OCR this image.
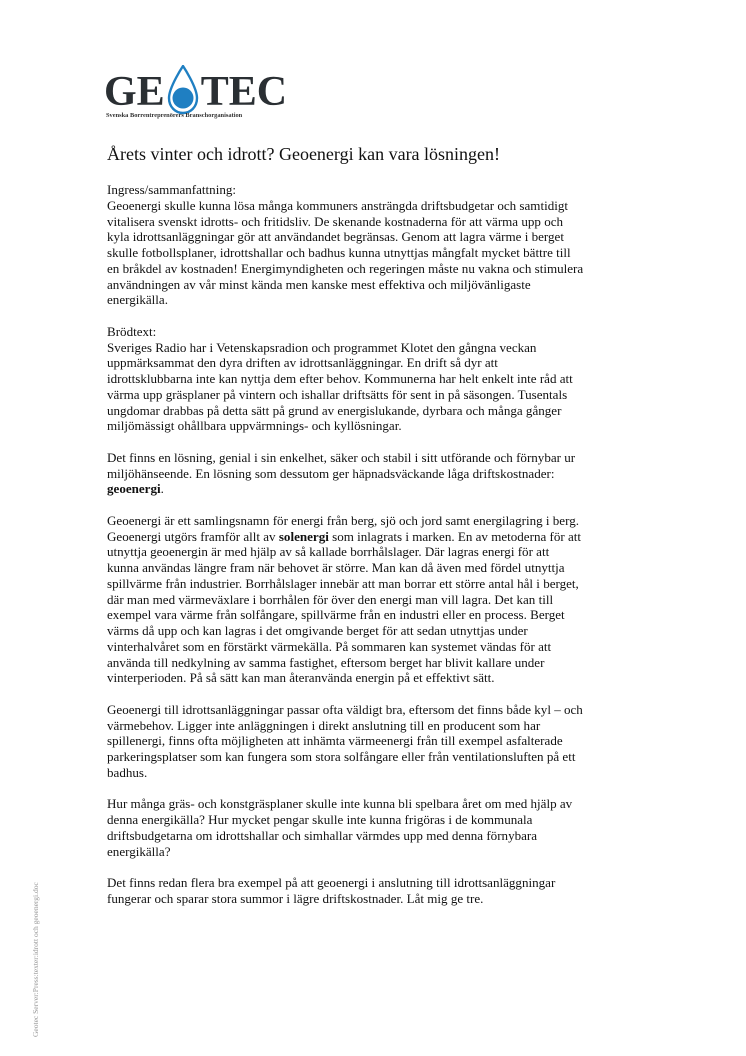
GE TEC
Svenska Borrentreprenörers Branschorganisation
Årets vinter och idrott? Geoenergi kan vara lösningen!

Ingress/sammanfattning:
Geoenergi skulle kunna lösa många kommuners ansträngda driftsbudgetar och samtidigt
vitalisera svenskt idrotts- och fritidsliv. De skenande kostnaderna för att värma upp och
kyla idrottsanläggningar gör att användandet begränsas. Genom att lagra värme i berget
skulle fotbollsplaner, idrottshallar och badhus kunna utnyttjas mångfalt mycket bättre till
en bråkdel av kostnaden! Energimyndigheten och regeringen måste nu vakna och stimulera
användningen av vår minst kända men kanske mest effektiva och miljövänligaste
energikälla.

Brödtext:
Sveriges Radio har i Vetenskapsradion och programmet Klotet den gångna veckan
uppmärksammat den dyra driften av idrottsanläggningar. En drift så dyr att
idrottsklubbarna inte kan nyttja dem efter behov. Kommunerna har helt enkelt inte råd att
värma upp gräsplaner på vintern och ishallar driftsätts för sent in på säsongen. Tusentals
ungdomar drabbas på detta sätt på grund av energislukande, dyrbara och många gånger
miljömässigt ohållbara uppvärmnings- och kyllösningar.

Det finns en lösning, genial i sin enkelhet, säker och stabil i sitt utförande och förnybar ur
miljöhänseende. En lösning som dessutom ger häpnadsväckande låga driftskostnader:
geoenergi.

Geoenergi är ett samlingsnamn för energi från berg, sjö och jord samt energilagring i berg.
Geoenergi utgörs framför allt av solenergi som inlagrats i marken. En av metoderna för att
utnyttja geoenergin är med hjälp av så kallade borrhålslager. Där lagras energi för att
kunna användas längre fram när behovet är större. Man kan då även med fördel utnyttja
spillvärme från industrier. Borrhålslager innebär att man borrar ett större antal hål i berget,
där man med värmeväxlare i borrhålen för över den energi man vill lagra. Det kan till
exempel vara värme från solfångare, spillvärme från en industri eller en process. Berget
värms då upp och kan lagras i det omgivande berget för att sedan utnyttjas under
vinterhalvåret som en förstärkt värmekälla. På sommaren kan systemet vändas för att
använda till nedkylning av samma fastighet, eftersom berget har blivit kallare under
vinterperioden. På så sätt kan man återanvända energin på et effektivt sätt.

Geoenergi till idrottsanläggningar passar ofta väldigt bra, eftersom det finns både kyl – och
värmebehov. Ligger inte anläggningen i direkt anslutning till en producent som har
spillenergi, finns ofta möjligheten att inhämta värmeenergi från till exempel asfalterade
parkeringsplatser som kan fungera som stora solfångare eller från ventilationsluften på ett
badhus.

Hur många gräs- och konstgräsplaner skulle inte kunna bli spelbara året om med hjälp av
denna energikälla? Hur mycket pengar skulle inte kunna frigöras i de kommunala
driftsbudgetarna om idrottshallar och simhallar värmdes upp med denna förnybara
energikälla?

Det finns redan flera bra exempel på att geoenergi i anslutning till idrottsanläggningar
fungerar och sparar stora summor i lägre driftskostnader. Låt mig ge tre.

Geotec Server:Press:texter:idrott och geoenergi.doc
